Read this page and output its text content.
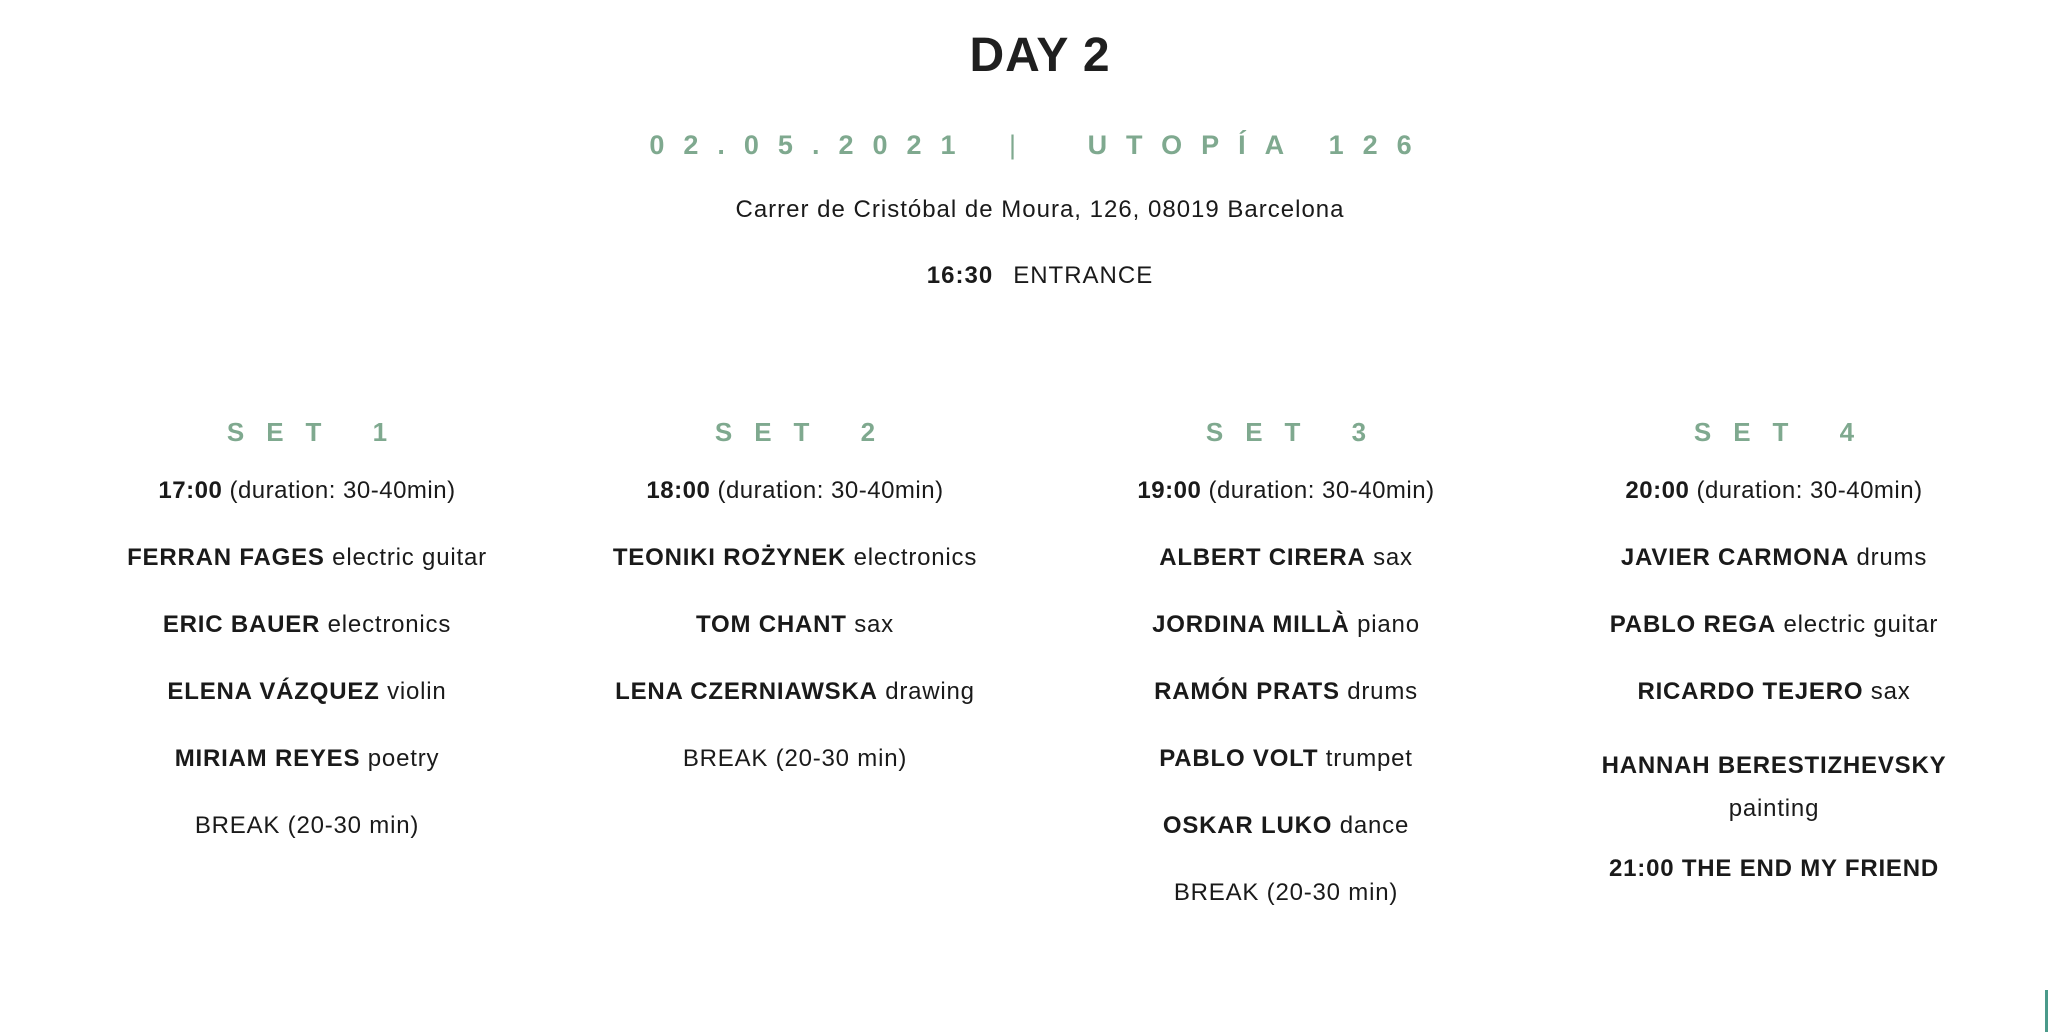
DAY 2
02.05.2021 | UTOPÍA 126
Carrer de Cristóbal de Moura, 126, 08019 Barcelona
16:30 ENTRANCE
SET 1
17:00 (duration: 30-40min)
FERRAN FAGES electric guitar
ERIC BAUER electronics
ELENA VÁZQUEZ violin
MIRIAM REYES poetry
BREAK (20-30 min)
SET 2
18:00 (duration: 30-40min)
TEONIKI ROŻYNEK electronics
TOM CHANT sax
LENA CZERNIAWSKA drawing
BREAK (20-30 min)
SET 3
19:00 (duration: 30-40min)
ALBERT CIRERA sax
JORDINA MILLÀ piano
RAMÓN PRATS drums
PABLO VOLT trumpet
OSKAR LUKO dance
BREAK (20-30 min)
SET 4
20:00 (duration: 30-40min)
JAVIER CARMONA drums
PABLO REGA electric guitar
RICARDO TEJERO sax
HANNAH BERESTIZHEVSKY
painting
21:00 THE END MY FRIEND
